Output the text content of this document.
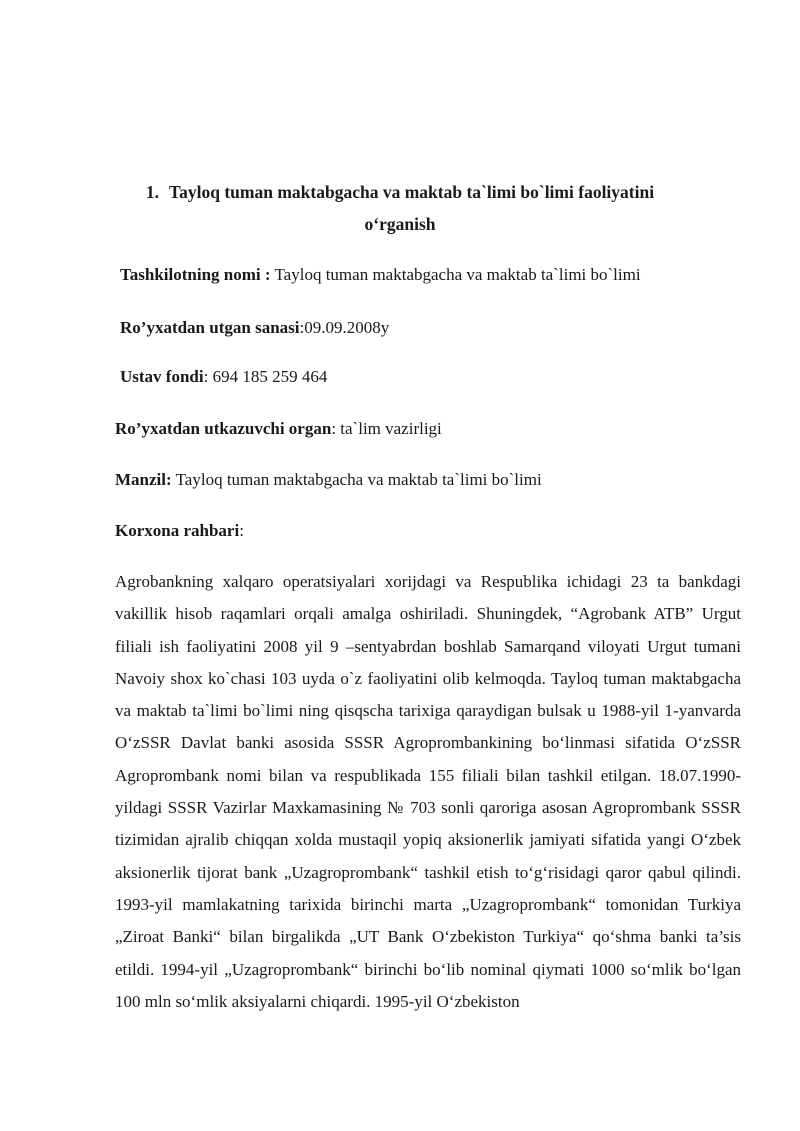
1. Tayloq tuman maktabgacha va maktab ta`limi bo`limi faoliyatini o‘rganish
Tashkilotning nomi : Tayloq tuman maktabgacha va maktab ta`limi bo`limi
Ro’yxatdan utgan sanasi:09.09.2008y
Ustav fondi: 694 185 259 464
Ro’yxatdan utkazuvchi organ: ta`lim vazirligi
Manzil: Tayloq tuman maktabgacha va maktab ta`limi bo`limi
Korxona rahbari:

Agrobankning xalqaro operatsiyalari xorijdagi va Respublika ichidagi 23 ta bankdagi vakillik hisob raqamlari orqali amalga oshiriladi. Shuningdek, “Agrobank ATB” Urgut filiali ish faoliyatini 2008 yil 9 –sentyabrdan boshlab Samarqand viloyati Urgut tumani Navoiy shox ko`chasi 103 uyda o`z faoliyatini olib kelmoqda. Tayloq tuman maktabgacha va maktab ta`limi bo`limi ning qisqscha tarixiga qaraydigan bulsak u 1988-yil 1-yanvarda O‘zSSR Davlat banki asosida SSSR Agroprombankining bo‘linmasi sifatida O‘zSSR Agroprombank nomi bilan va respublikada 155 filiali bilan tashkil etilgan. 18.07.1990-yildagi SSSR Vazirlar Maxkamasining № 703 sonli qaroriga asosan Agroprombank SSSR tizimidan ajralib chiqqan xolda mustaqil yopiq aksionerlik jamiyati sifatida yangi O‘zbek aksionerlik tijorat bank „Uzagroprombank“ tashkil etish to‘g‘risidagi qaror qabul qilindi. 1993-yil mamlakatning tarixida birinchi marta „Uzagroprombank“ tomonidan Turkiya „Ziroat Banki“ bilan birgalikda „UT Bank O‘zbekiston Turkiya“ qo‘shma banki ta’sis etildi. 1994-yil „Uzagroprombank“ birinchi bo‘lib nominal qiymati 1000 so‘mlik bo‘lgan 100 mln so‘mlik aksiyalarni chiqardi. 1995-yil O‘zbekiston
